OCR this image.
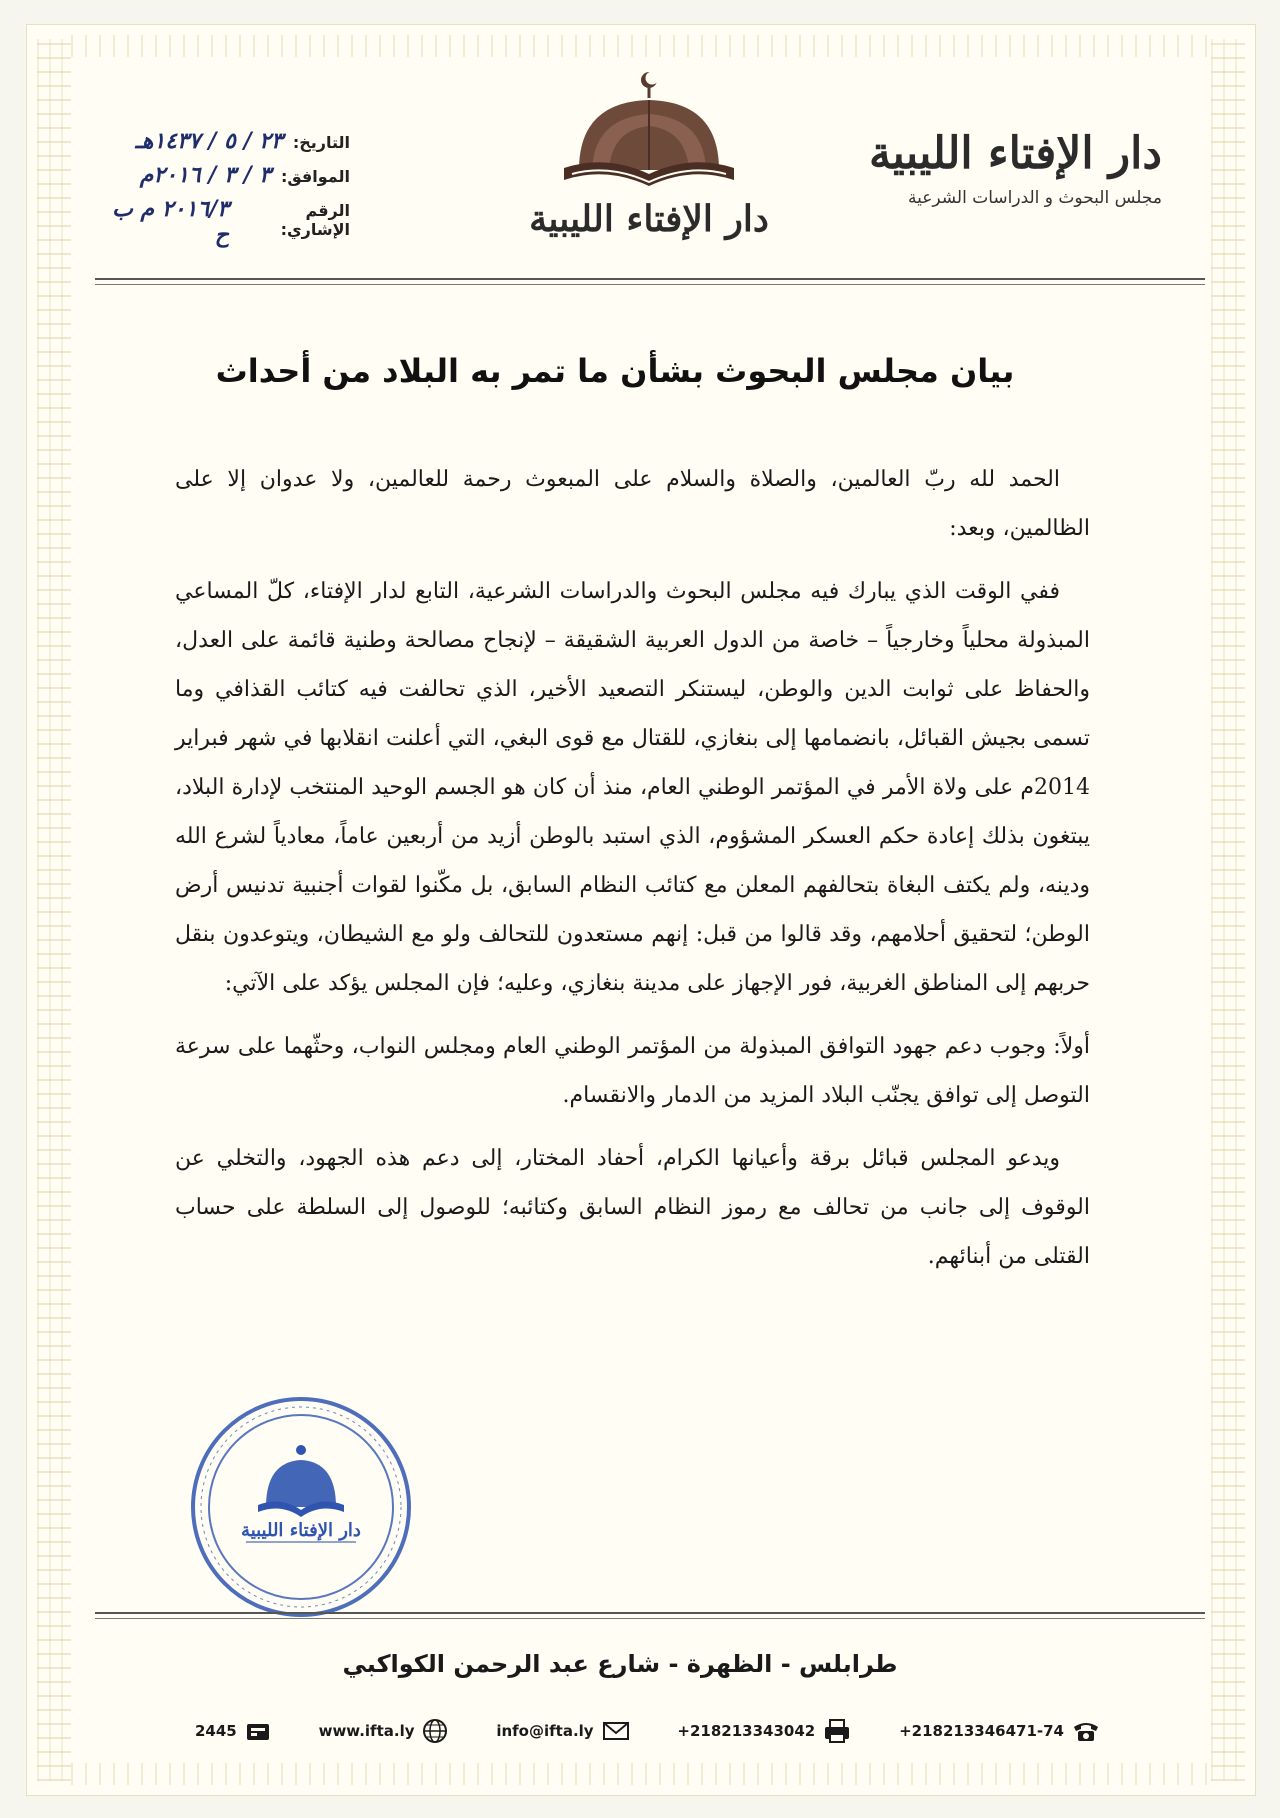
دار الإفتاء الليبية
مجلس البحوث و الدراسات الشرعية
دار الإفتاء الليبية
التاريخ:
٢٣ / ٥ / ١٤٣٧هـ
الموافق:
٣ / ٣ / ٢٠١٦م
الرقم الإشاري:
٢٠١٦/٣ م ب ح
بيان مجلس البحوث بشأن ما تمر به البلاد من أحداث

الحمد لله ربّ العالمين، والصلاة والسلام على المبعوث رحمة للعالمين، ولا عدوان إلا على الظالمين، وبعد:

ففي الوقت الذي يبارك فيه مجلس البحوث والدراسات الشرعية، التابع لدار الإفتاء، كلّ المساعي المبذولة محلياً وخارجياً – خاصة من الدول العربية الشقيقة – لإنجاح مصالحة وطنية قائمة على العدل، والحفاظ على ثوابت الدين والوطن، ليستنكر التصعيد الأخير، الذي تحالفت فيه كتائب القذافي وما تسمى بجيش القبائل، بانضمامها إلى بنغازي، للقتال مع قوى البغي، التي أعلنت انقلابها في شهر فبراير 2014م على ولاة الأمر في المؤتمر الوطني العام، منذ أن كان هو الجسم الوحيد المنتخب لإدارة البلاد، يبتغون بذلك إعادة حكم العسكر المشؤوم، الذي استبد بالوطن أزيد من أربعين عاماً، معادياً لشرع الله ودينه، ولم يكتف البغاة بتحالفهم المعلن مع كتائب النظام السابق، بل مكّنوا لقوات أجنبية تدنيس أرض الوطن؛ لتحقيق أحلامهم، وقد قالوا من قبل: إنهم مستعدون للتحالف ولو مع الشيطان، ويتوعدون بنقل حربهم إلى المناطق الغربية، فور الإجهاز على مدينة بنغازي، وعليه؛ فإن المجلس يؤكد على الآتي:

أولاً: وجوب دعم جهود التوافق المبذولة من المؤتمر الوطني العام ومجلس النواب، وحثّهما على سرعة التوصل إلى توافق يجنّب البلاد المزيد من الدمار والانقسام.

ويدعو المجلس قبائل برقة وأعيانها الكرام، أحفاد المختار، إلى دعم هذه الجهود، والتخلي عن الوقوف إلى جانب من تحالف مع رموز النظام السابق وكتائبه؛ للوصول إلى السلطة على حساب القتلى من أبنائهم.

دار الإفتاء الليبية
طرابلس - الظهرة - شارع عبد الرحمن الكواكبي
2445	www.ifta.ly	info@ifta.ly	+218213343042	+218213346471-74
